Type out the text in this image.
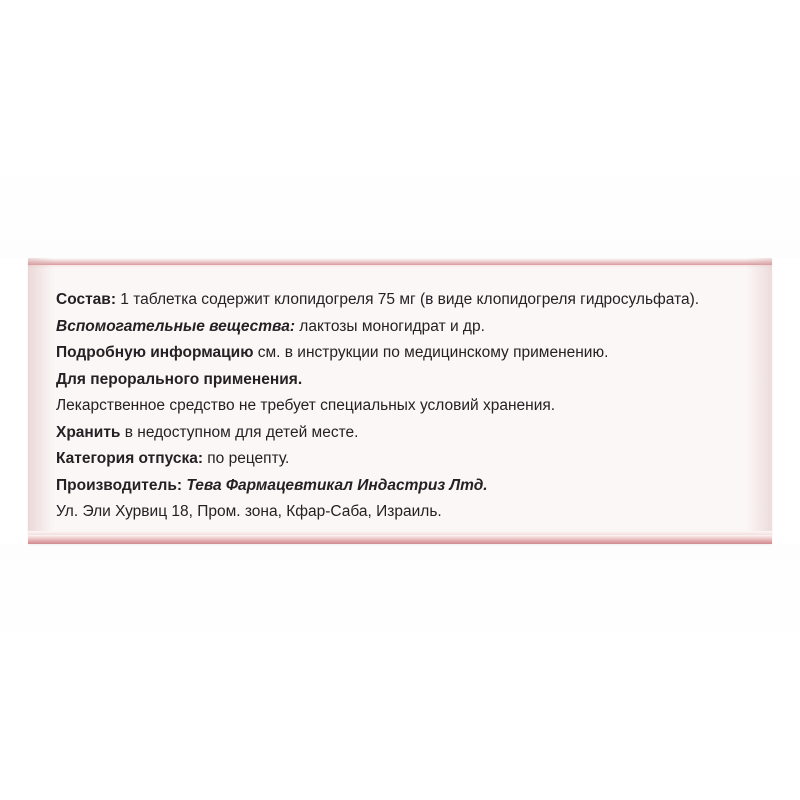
Состав: 1 таблетка содержит клопидогреля 75 мг (в виде клопидогреля гидросульфата).

Вспомогательные вещества: лактозы моногидрат и др.

Подробную информацию см. в инструкции по медицинскому применению.

Для перорального применения.

Лекарственное средство не требует специальных условий хранения.

Хранить в недоступном для детей месте.

Категория отпуска: по рецепту.

Производитель: Тева Фармацевтикал Индастриз Лтд.

Ул. Эли Хурвиц 18, Пром. зона, Кфар-Саба, Израиль.
